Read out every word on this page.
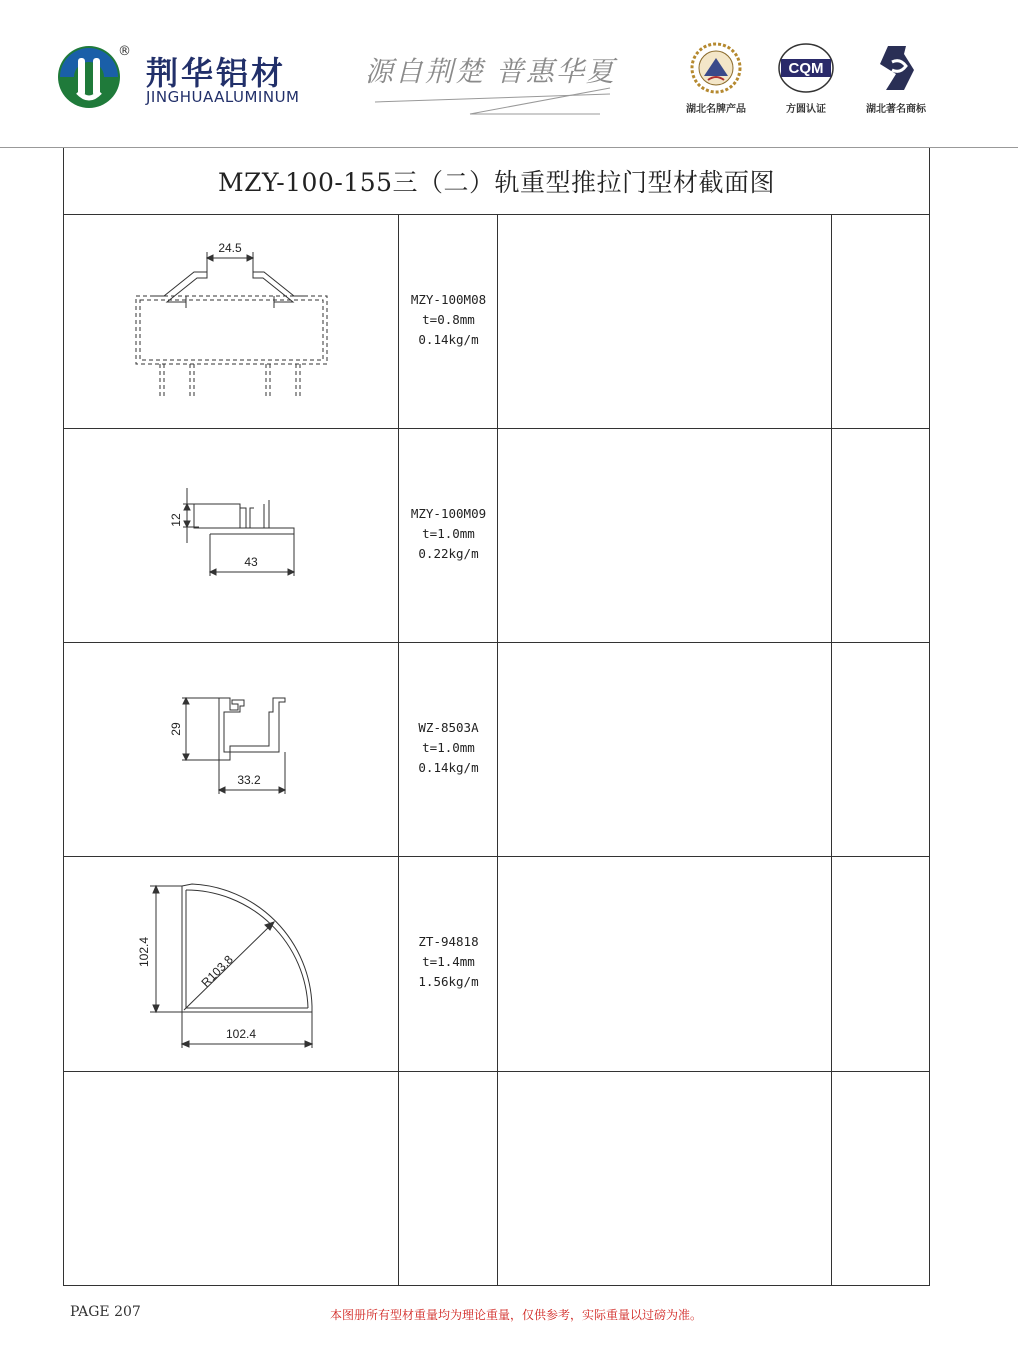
®
荆华铝材
JINGHUAALUMINUM
源自荆楚 普惠华夏
湖北名牌产品
CQM
方圆认证	湖北著名商标
MZY-100-155三（二）轨重型推拉门型材截面图
24.5
MZY-100M08
t=0.8mm
0.14kg/m
12
43
MZY-100M09
t=1.0mm
0.22kg/m
29
33.2
WZ-8503A
t=1.0mm
0.14kg/m
102.4
R103.8
102.4
ZT-94818
t=1.4mm
1.56kg/m
PAGE 207	本图册所有型材重量均为理论重量，仅供参考，实际重量以过磅为准。
